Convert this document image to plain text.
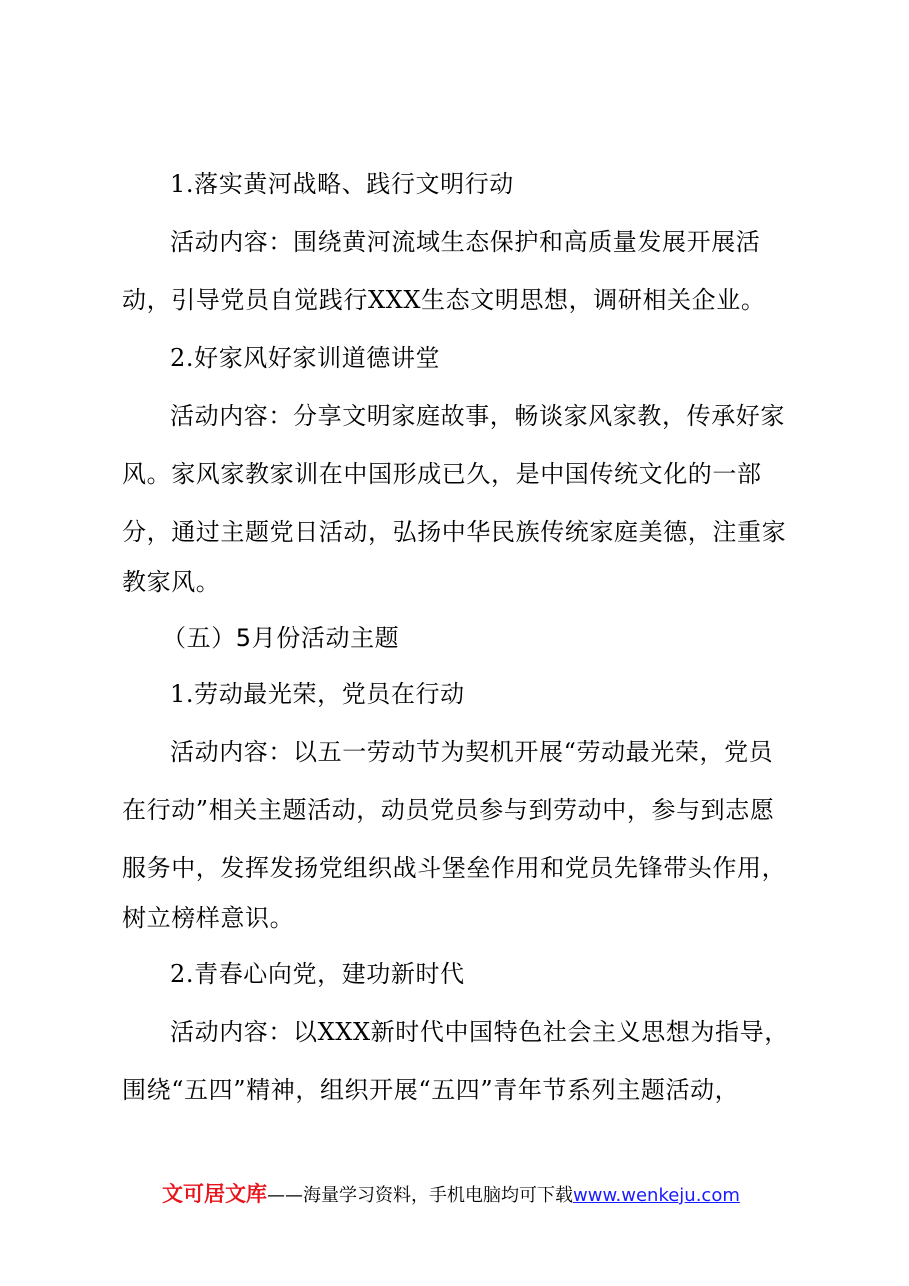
1.落实黄河战略、践行文明行动
活动内容：围绕黄河流域生态保护和高质量发展开展活
动，引导党员自觉践行XXX生态文明思想，调研相关企业。
2.好家风好家训道德讲堂
活动内容：分享文明家庭故事，畅谈家风家教，传承好家
风。家风家教家训在中国形成已久，是中国传统文化的一部
分，通过主题党日活动，弘扬中华民族传统家庭美德，注重家
教家风。
（五）5月份活动主题
1.劳动最光荣，党员在行动
活动内容：以五一劳动节为契机开展“劳动最光荣，党员
在行动”相关主题活动，动员党员参与到劳动中，参与到志愿
服务中，发挥发扬党组织战斗堡垒作用和党员先锋带头作用，
树立榜样意识。
2.青春心向党，建功新时代
活动内容：以XXX新时代中国特色社会主义思想为指导，
围绕“五四”精神，组织开展“五四”青年节系列主题活动，
文可居文库——海量学习资料，手机电脑均可下载www.wenkeju.com
